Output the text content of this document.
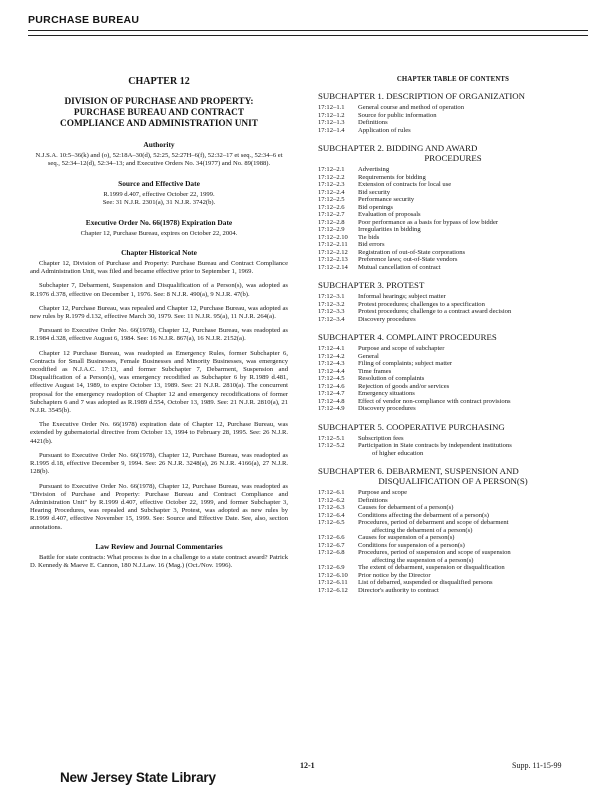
PURCHASE BUREAU
CHAPTER 12
DIVISION OF PURCHASE AND PROPERTY: PURCHASE BUREAU AND CONTRACT COMPLIANCE AND ADMINISTRATION UNIT
Authority
N.J.S.A. 10:5–36(k) and (o), 52:18A–30(d), 52:25, 52:27H–6(f), 52:32–17 et seq., 52:34–6 et seq., 52:34–12(d), 52:34–13; and Executive Orders No. 34(1977) and No. 89(1988).
Source and Effective Date
R.1999 d.407, effective October 22, 1999.
See: 31 N.J.R. 2301(a), 31 N.J.R. 3742(b).
Executive Order No. 66(1978) Expiration Date
Chapter 12, Purchase Bureau, expires on October 22, 2004.
Chapter Historical Note
Chapter 12, Division of Purchase and Property: Purchase Bureau and Contract Compliance and Administration Unit, was filed and became effective prior to September 1, 1969.
Subchapter 7, Debarment, Suspension and Disqualification of a Person(s), was adopted as R.1976 d.378, effective on December 1, 1976. See: 8 N.J.R. 490(a), 9 N.J.R. 47(b).
Chapter 12, Purchase Bureau, was repealed and Chapter 12, Purchase Bureau, was adopted as new rules by R.1979 d.132, effective March 30, 1979. See: 11 N.J.R. 95(a), 11 N.J.R. 264(a).
Pursuant to Executive Order No. 66(1978), Chapter 12, Purchase Bureau, was readopted as R.1984 d.328, effective August 6, 1984. See: 16 N.J.R. 867(a), 16 N.J.R. 2152(a).
Chapter 12 Purchase Bureau, was readopted as Emergency Rules, former Subchapter 6, Contracts for Small Businesses, Female Businesses and Minority Businesses, was emergency recodified as N.J.A.C. 17:13, and former Subchapter 7, Debarment, Suspension and Disqualification of a Person(s), was emergency recodified as Subchapter 6 by R.1989 d.481, effective August 14, 1989, to expire October 13, 1989. See: 21 N.J.R. 2810(a). The concurrent proposal for the emergency readoption of Chapter 12 and emergency recodifications of former Subchapters 6 and 7 was adopted as R.1989 d.554, October 13, 1989. See: 21 N.J.R. 2810(a), 21 N.J.R. 3545(b).
The Executive Order No. 66(1978) expiration date of Chapter 12, Purchase Bureau, was extended by gubernatorial directive from October 13, 1994 to February 28, 1995. See: 26 N.J.R. 4421(b).
Pursuant to Executive Order No. 66(1978), Chapter 12, Purchase Bureau, was readopted as R.1995 d.18, effective December 9, 1994. See: 26 N.J.R. 3248(a), 26 N.J.R. 4166(a), 27 N.J.R. 128(b).
Pursuant to Executive Order No. 66(1978), Chapter 12, Purchase Bureau, was readopted as "Division of Purchase and Property: Purchase Bureau and Contract Compliance and Administration Unit" by R.1999 d.407, effective October 22, 1999, and former Subchapter 3, Hearing Procedures, was repealed and Subchapter 3, Protest, was adopted as new rules by R.1999 d.407, effective November 15, 1999. See: Source and Effective Date. See, also, section annotations.
Law Review and Journal Commentaries
Battle for state contracts: What process is due in a challenge to a state contract award? Patrick D. Kennedy & Maeve E. Cannon, 180 N.J.Law. 16 (Mag.) (Oct./Nov. 1996).
CHAPTER TABLE OF CONTENTS
SUBCHAPTER 1. DESCRIPTION OF ORGANIZATION
17:12–1.1	General course and method of operation
17:12–1.2	Source for public information
17:12–1.3	Definitions
17:12–1.4	Application of rules
SUBCHAPTER 2. BIDDING AND AWARD
PROCEDURES
17:12–2.1	Advertising
17:12–2.2	Requirements for bidding
17:12–2.3	Extension of contracts for local use
17:12–2.4	Bid security
17:12–2.5	Performance security
17:12–2.6	Bid openings
17:12–2.7	Evaluation of proposals
17:12–2.8	Poor performance as a basis for bypass of low bidder
17:12–2.9	Irregularities in bidding
17:12–2.10	Tie bids
17:12–2.11	Bid errors
17:12–2.12	Registration of out-of-State corporations
17:12–2.13	Preference laws; out-of-State vendors
17:12–2.14	Mutual cancellation of contract
SUBCHAPTER 3. PROTEST
17:12–3.1	Informal hearings; subject matter
17:12–3.2	Protest procedures; challenges to a specification
17:12–3.3	Protest procedures; challenge to a contract award decision
17:12–3.4	Discovery procedures
SUBCHAPTER 4. COMPLAINT PROCEDURES
17:12–4.1	Purpose and scope of subchapter
17:12–4.2	General
17:12–4.3	Filing of complaints; subject matter
17:12–4.4	Time frames
17:12–4.5	Resolution of complaints
17:12–4.6	Rejection of goods and/or services
17:12–4.7	Emergency situations
17:12–4.8	Effect of vendor non-compliance with contract provisions
17:12–4.9	Discovery procedures
SUBCHAPTER 5. COOPERATIVE PURCHASING
17:12–5.1	Subscription fees
17:12–5.2	Participation in State contracts by independent institutions
of higher education
SUBCHAPTER 6. DEBARMENT, SUSPENSION AND
DISQUALIFICATION OF A PERSON(S)
17:12–6.1	Purpose and scope
17:12–6.2	Definitions
17:12–6.3	Causes for debarment of a person(s)
17:12–6.4	Conditions affecting the debarment of a person(s)
17:12–6.5	Procedures, period of debarment and scope of debarment
affecting the debarment of a person(s)
17:12–6.6	Causes for suspension of a person(s)
17:12–6.7	Conditions for suspension of a person(s)
17:12–6.8	Procedures, period of suspension and scope of suspension
affecting the suspension of a person(s)
17:12–6.9	The extent of debarment, suspension or disqualification
17:12–6.10	Prior notice by the Director
17:12–6.11	List of debarred, suspended or disqualified persons
17:12–6.12	Director's authority to contract
New Jersey State Library
12-1	Supp. 11-15-99
